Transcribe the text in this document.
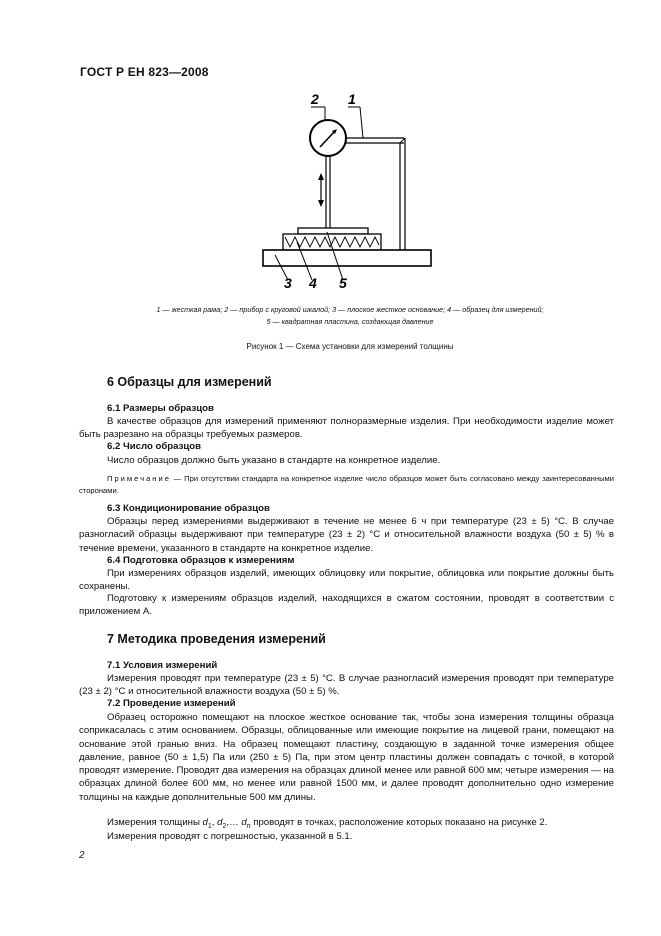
ГОСТ Р ЕН 823—2008
2 1
3 4 5
1 — жесткая рама; 2 — прибор с круговой шкалой; 3 — плоское жесткое основание; 4 — образец для измерений;
5 — квадратная пластина, создающая давление
Рисунок 1 — Схема установки для измерений толщины
6 Образцы для измерений
6.1 Размеры образцов

В качестве образцов для измерений применяют полноразмерные изделия. При необходимости изделие может быть разрезано на образцы требуемых размеров.

6.2 Число образцов

Число образцов должно быть указано в стандарте на конкретное изделие.

Примечание — При отсутствии стандарта на конкретное изделие число образцов может быть согласовано между заинтересованными сторонами.

6.3 Кондиционирование образцов

Образцы перед измерениями выдерживают в течение не менее 6 ч при температуре (23 ± 5) °С. В случае разногласий образцы выдерживают при температуре (23 ± 2) °С и относительной влажности воздуха (50 ± 5) % в течение времени, указанного в стандарте на конкретное изделие.

6.4 Подготовка образцов к измерениям

При измерениях образцов изделий, имеющих облицовку или покрытие, облицовка или покрытие должны быть сохранены.

Подготовку к измерениям образцов изделий, находящихся в сжатом состоянии, проводят в соответствии с приложением А.

7 Методика проведения измерений
7.1 Условия измерений

Измерения проводят при температуре (23 ± 5) °С. В случае разногласий измерения проводят при температуре (23 ± 2) °С и относительной влажности воздуха (50 ± 5) %.

7.2 Проведение измерений

Образец осторожно помещают на плоское жесткое основание так, чтобы зона измерения толщины образца соприкасалась с этим основанием. Образцы, облицованные или имеющие покрытие на лицевой грани, помещают на основание этой гранью вниз. На образец помещают пластину, создающую в заданной точке измерения общее давление, равное (50 ± 1,5) Па или (250 ± 5) Па, при этом центр пластины должен совпадать с точкой, в которой проводят измерение. Проводят два измерения на образцах длиной менее или равной 600 мм; четыре измерения — на образцах длиной более 600 мм, но менее или равной 1500 мм, и далее проводят дополнительно одно измерение толщины на каждые дополнительные 500 мм длины.

Измерения толщины $d_1$, $d_2,\dots$ $d_n$ проводят в точках, расположение которых показано на рисунке 2.

Измерения проводят с погрешностью, указанной в 5.1.

2
